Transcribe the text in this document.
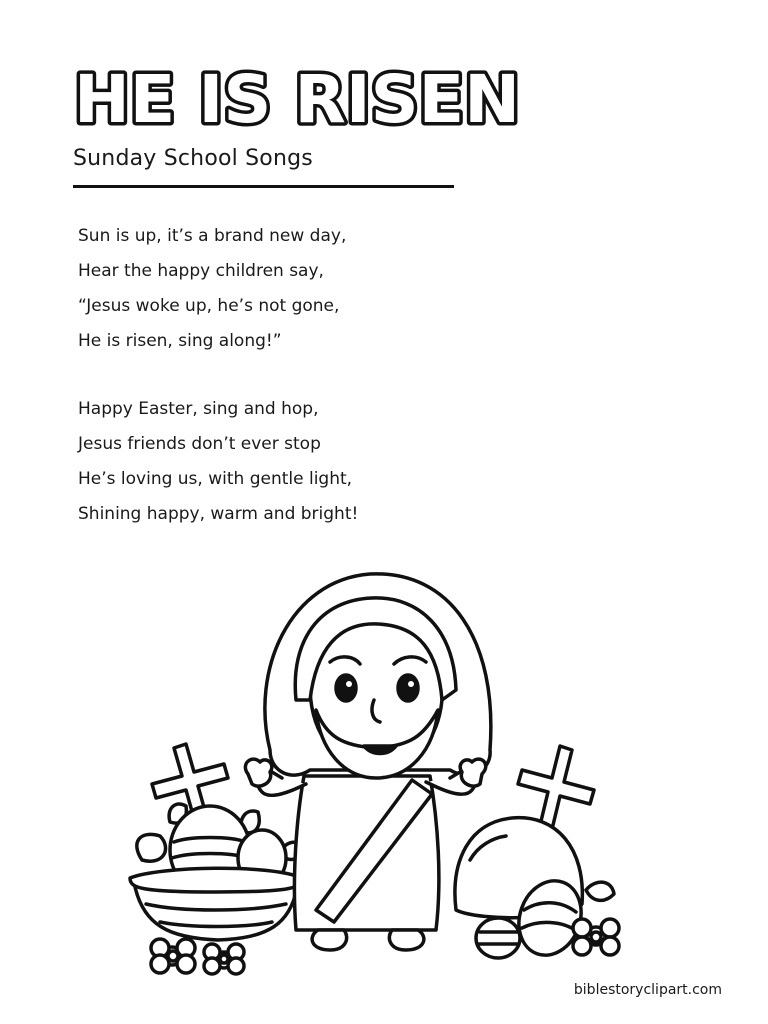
HE IS RISEN
Sunday School Songs
Sun is up, it’s a brand new day,
Hear the happy children say,
“Jesus woke up, he’s not gone,
He is risen, sing along!”
Happy Easter, sing and hop,
Jesus friends don’t ever stop
He’s loving us, with gentle light,
Shining happy, warm and bright!
biblestoryclipart.com
